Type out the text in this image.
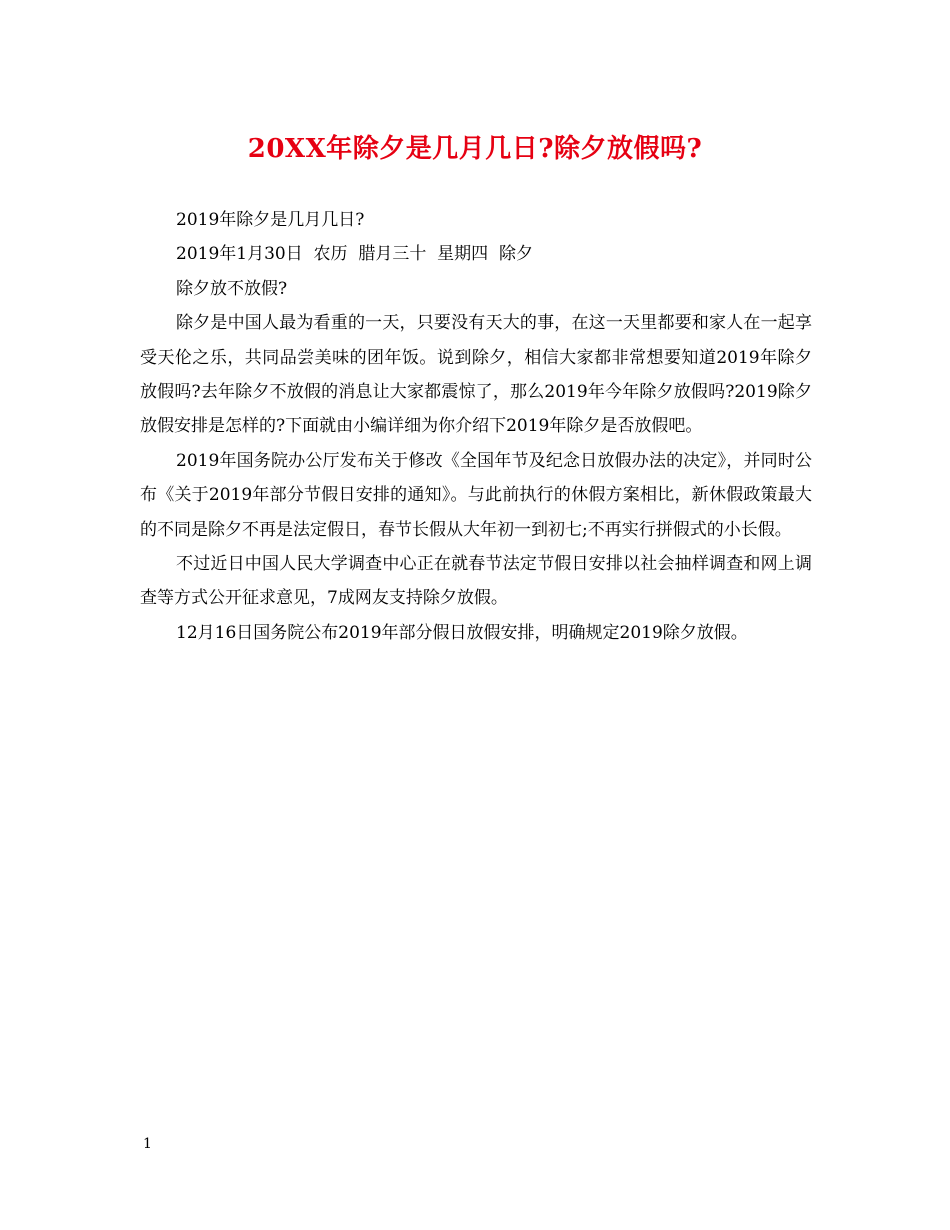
20XX年除夕是几月几日?除夕放假吗?

2019年除夕是几月几日?

2019年1月30日  农历  腊月三十  星期四  除夕

除夕放不放假?

除夕是中国人最为看重的一天，只要没有天大的事，在这一天里都要和家人在一起享受天伦之乐，共同品尝美味的团年饭。说到除夕，相信大家都非常想要知道2019年除夕放假吗?去年除夕不放假的消息让大家都震惊了，那么2019年今年除夕放假吗?2019除夕放假安排是怎样的?下面就由小编详细为你介绍下2019年除夕是否放假吧。

2019年国务院办公厅发布关于修改《全国年节及纪念日放假办法的决定》，并同时公布《关于2019年部分节假日安排的通知》。与此前执行的休假方案相比，新休假政策最大的不同是除夕不再是法定假日，春节长假从大年初一到初七;不再实行拼假式的小长假。

不过近日中国人民大学调查中心正在就春节法定节假日安排以社会抽样调查和网上调查等方式公开征求意见，7成网友支持除夕放假。

12月16日国务院公布2019年部分假日放假安排，明确规定2019除夕放假。

1
